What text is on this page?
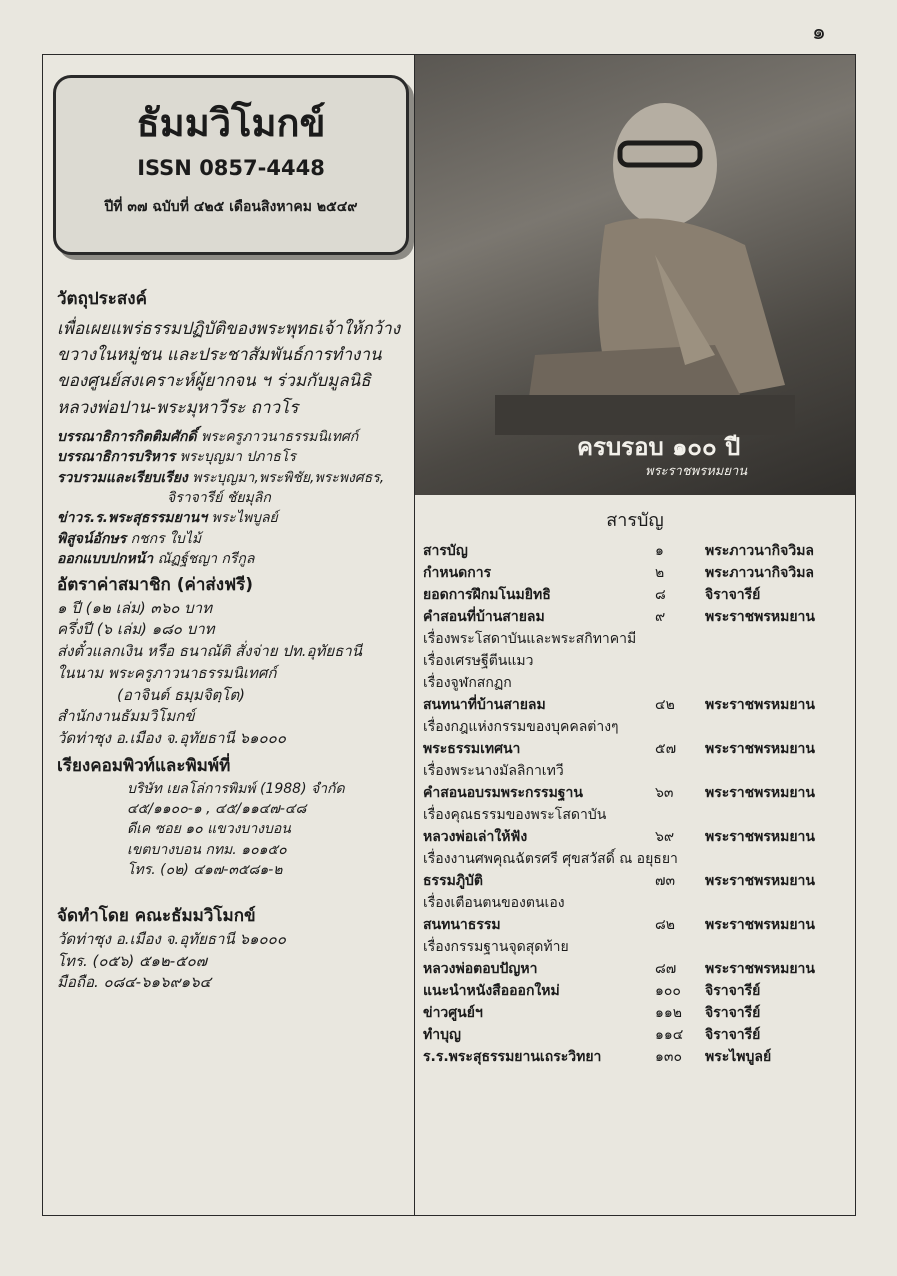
๑
ธัมมวิโมกข์
ISSN 0857-4448
ปีที่ ๓๗ ฉบับที่ ๔๒๕ เดือนสิงหาคม ๒๕๔๙
วัตถุประสงค์
เพื่อเผยแพร่ธรรมปฏิบัติของพระพุทธเจ้าให้กว้างขวางในหมู่ชน และประชาสัมพันธ์การทำงานของศูนย์สงเคราะห์ผู้ยากจน ฯ ร่วมกับมูลนิธิหลวงพ่อปาน-พระมุหาวีระ ถาวโร
บรรณาธิการกิตติมศักดิ์ พระครูภาวนาธรรมนิเทศก์
บรรณาธิการบริหาร พระบุญมา ปภาธโร
รวบรวมและเรียบเรียง พระบุญมา,พระพิชัย,พระพงศธร,
จิราจารีย์ ชัยมุลิก
ข่าวร.ร.พระสุธรรมยานฯ พระไพบูลย์
พิสูจน์อักษร กชกร ใบไม้
ออกแบบปกหน้า ณัฏฐ์ชญา กรีกูล
อัตราค่าสมาชิก (ค่าส่งฟรี)
๑ ปี (๑๒ เล่ม) ๓๖๐ บาท
ครึ่งปี (๖ เล่ม) ๑๘๐ บาท
ส่งตั๋วแลกเงิน หรือ ธนาณัติ สั่งจ่าย ปท.อุทัยธานี
ในนาม พระครูภาวนาธรรมนิเทศก์
(อาจินต์ ธมฺมจิตฺโต)
สำนักงานธัมมวิโมกข์
วัดท่าซุง อ.เมือง จ.อุทัยธานี ๖๑๐๐๐
เรียงคอมพิวท์และพิมพ์ที่
บริษัท เยลโล่การพิมพ์ (1988) จำกัด
๔๕/๑๑๐๐-๑ , ๔๕/๑๑๔๗-๔๘
ดีเค ซอย ๑๐ แขวงบางบอน
เขตบางบอน กทม. ๑๐๑๕๐
โทร. (๐๒) ๔๑๗-๓๕๘๑-๒
จัดทำโดย คณะธัมมวิโมกข์
วัดท่าซุง อ.เมือง จ.อุทัยธานี ๖๑๐๐๐
โทร. (๐๕๖) ๕๑๒-๕๐๗
มือถือ. ๐๘๔-๖๑๖๙๑๖๔
ครบรอบ ๑๐๐ ปี
พระราชพรหมยาน
สารบัญ
สารบัญ	๑	พระภาวนากิจวิมล
กำหนดการ	๒	พระภาวนากิจวิมล
ยอดการฝึกมโนมยิทธิ	๘	จิราจารีย์
คำสอนที่บ้านสายลม	๙	พระราชพรหมยาน
เรื่องพระโสดาบันและพระสกิทาคามี
เรื่องเศรษฐีตีนแมว
เรื่องจูฬกสกฏก
สนทนาที่บ้านสายลม	๔๒ พระราชพรหมยาน
เรื่องกฎแห่งกรรมของบุคคลต่างๆ
พระธรรมเทศนา	๕๗ พระราชพรหมยาน
เรื่องพระนางมัลลิกาเทวี
คำสอนอบรมพระกรรมฐาน	๖๓ พระราชพรหมยาน
เรื่องคุณธรรมของพระโสดาบัน
หลวงพ่อเล่าให้ฟัง	๖๙ พระราชพรหมยาน
เรื่องงานศพคุณฉัตรศรี ศุขสวัสดิ์ ณ อยุธยา
ธรรมภูิบัติ	๗๓ พระราชพรหมยาน
เรื่องเตือนตนของตนเอง
สนทนาธรรม	๘๒ พระราชพรหมยาน
เรื่องกรรมฐานจุดสุดท้าย
หลวงพ่อตอบปัญหา	๘๗ พระราชพรหมยาน
แนะนำหนังสือออกใหม่	๑๐๐ จิราจารีย์
ข่าวศูนย์ฯ	๑๑๒ จิราจารีย์
ทำบุญ	๑๑๔ จิราจารีย์
ร.ร.พระสุธรรมยานเถระวิทยา	๑๓๐ พระไพบูลย์
